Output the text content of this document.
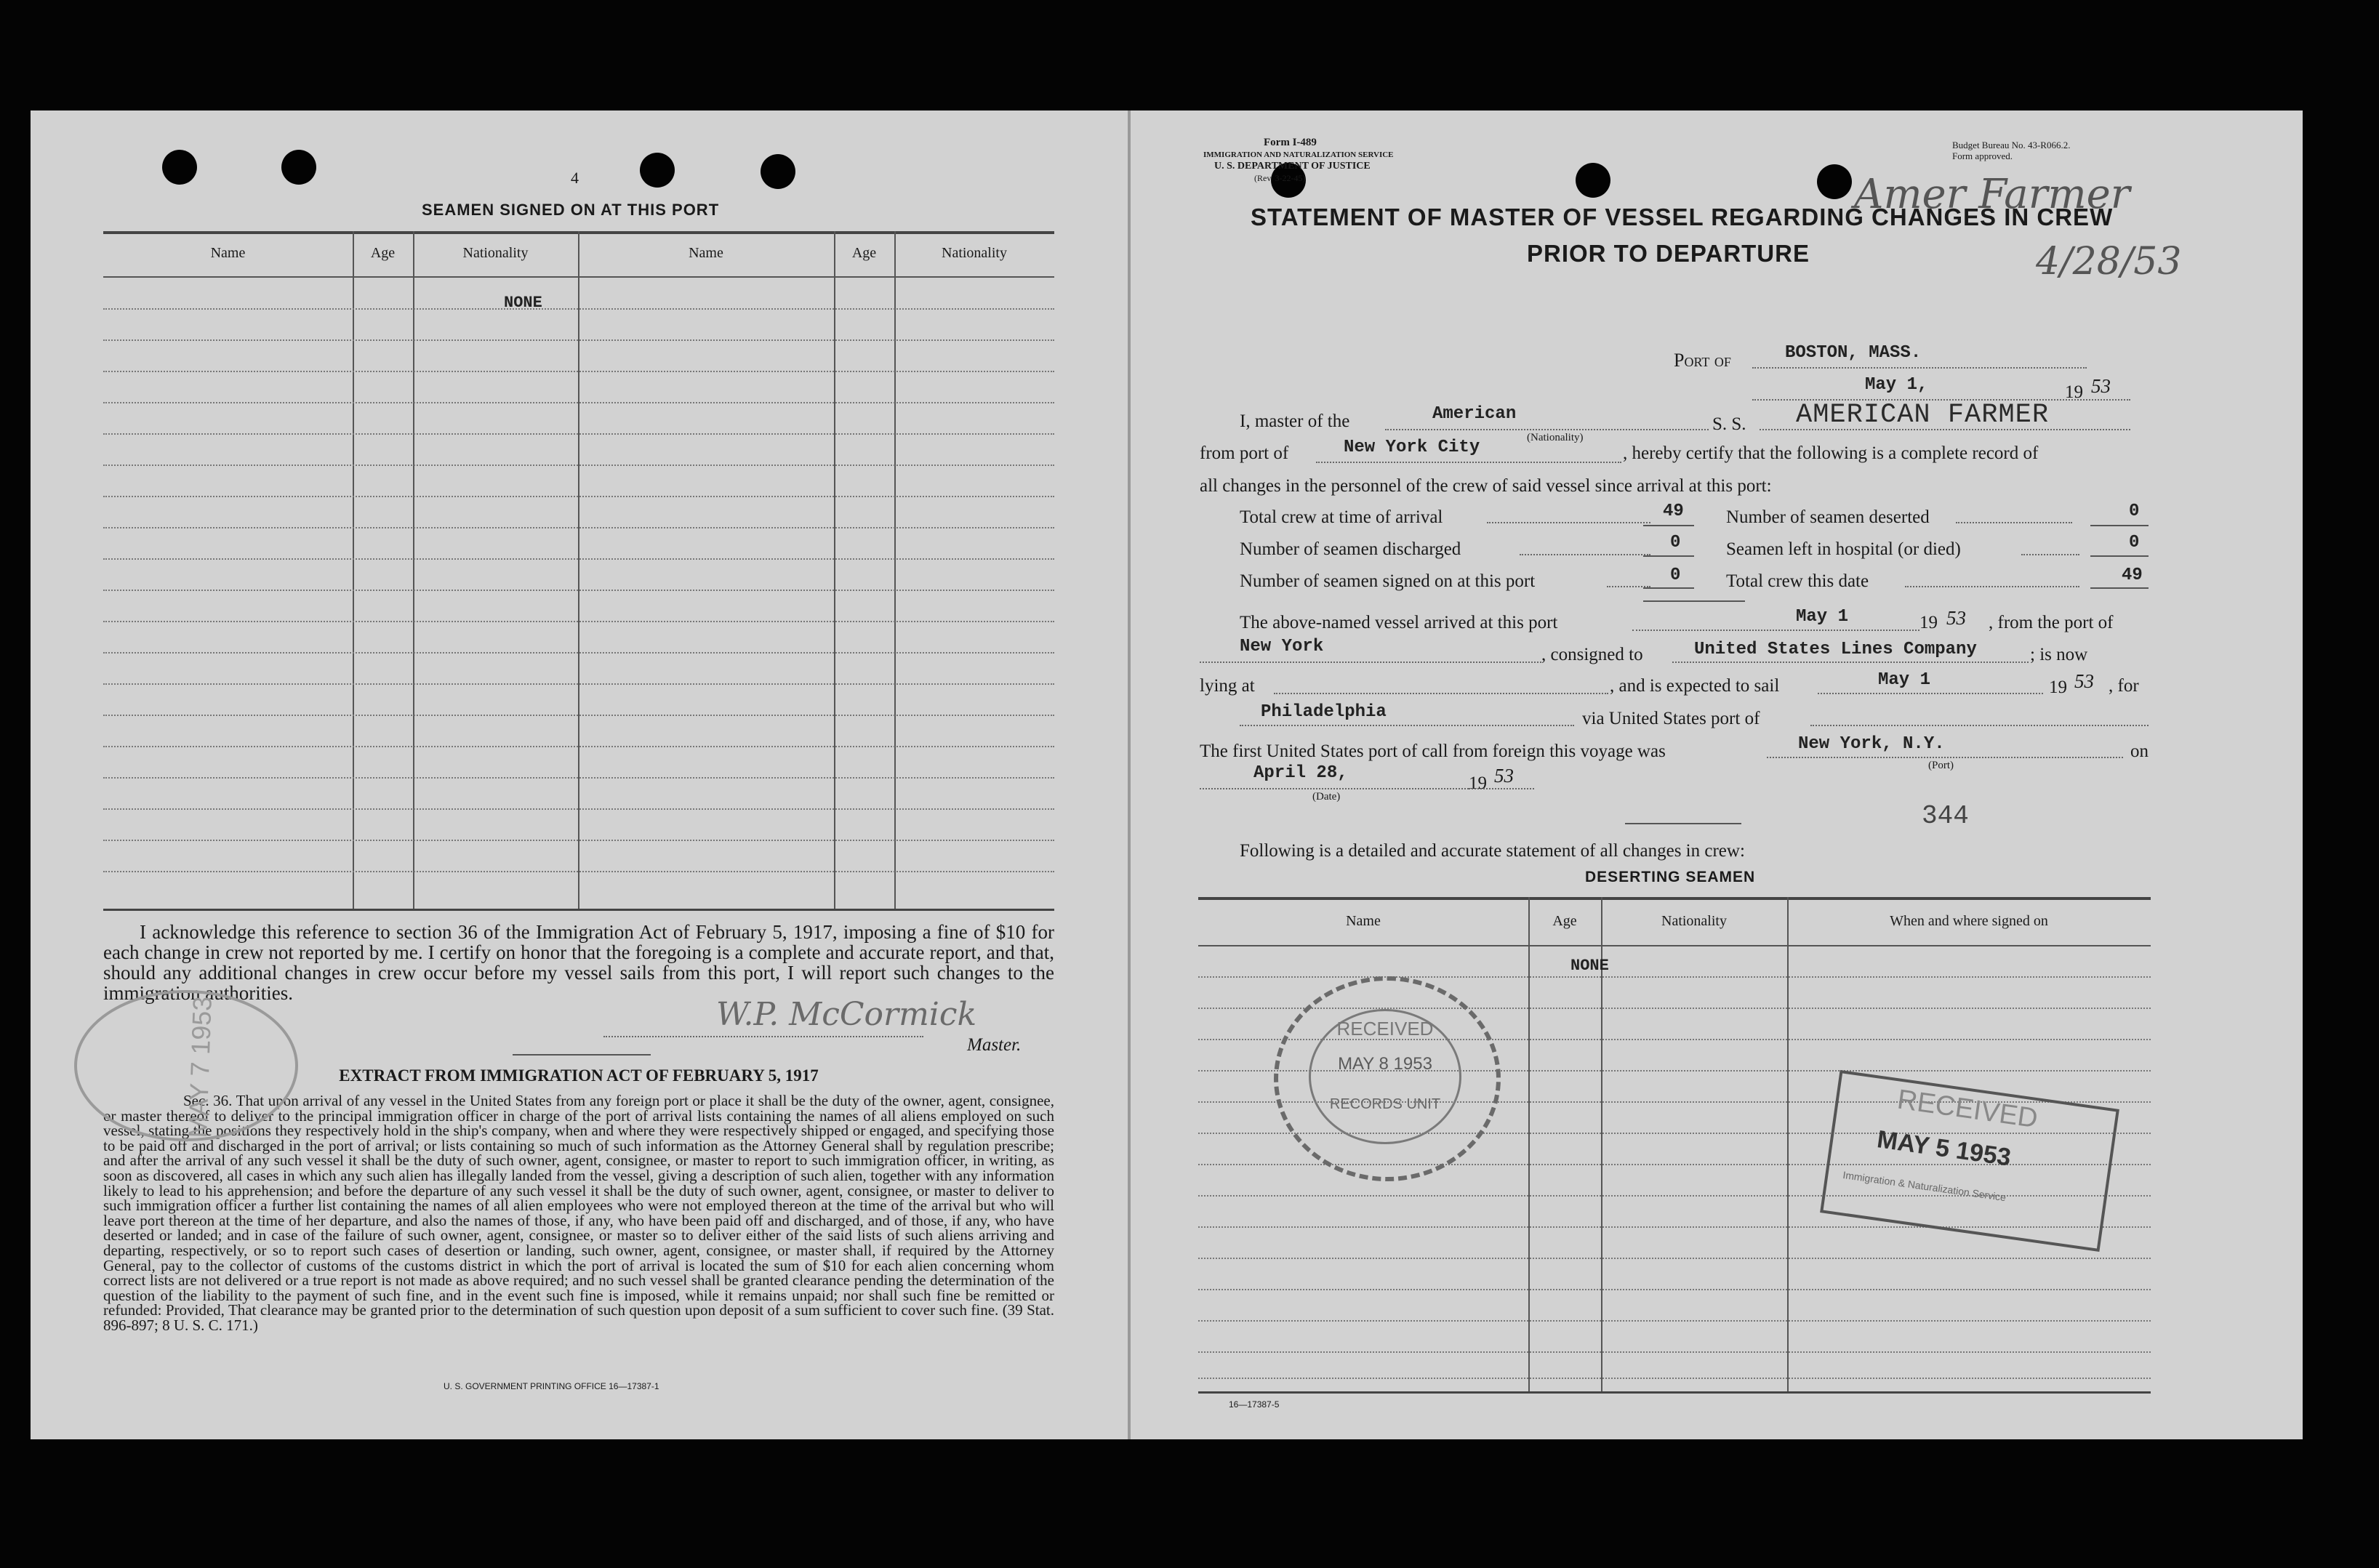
4
SEAMEN SIGNED ON AT THIS PORT
Name	Age	Nationality	Name	Age	Nationality
NONE
I acknowledge this reference to section 36 of the Immigration Act of February 5, 1917, imposing a fine of $10 for each change in crew not reported by me. I certify on honor that the foregoing is a complete and accurate report, and that, should any additional changes in crew occur before my vessel sails from this port, I will report such changes to the immigration authorities.
W.P. McCormick
Master.
EXTRACT FROM IMMIGRATION ACT OF FEBRUARY 5, 1917
Sec. 36. That upon arrival of any vessel in the United States from any foreign port or place it shall be the duty of the owner, agent, consignee, or master thereof to deliver to the principal immigration officer in charge of the port of arrival lists containing the names of all aliens employed on such vessel, stating the positions they respectively hold in the ship's company, when and where they were respectively shipped or engaged, and specifying those to be paid off and discharged in the port of arrival; or lists containing so much of such information as the Attorney General shall by regulation prescribe; and after the arrival of any such vessel it shall be the duty of such owner, agent, consignee, or master to report to such immigration officer, in writing, as soon as discovered, all cases in which any such alien has illegally landed from the vessel, giving a description of such alien, together with any information likely to lead to his apprehension; and before the departure of any such vessel it shall be the duty of such owner, agent, consignee, or master to deliver to such immigration officer a further list containing the names of all alien employees who were not employed thereon at the time of the arrival but who will leave port thereon at the time of her departure, and also the names of those, if any, who have been paid off and discharged, and of those, if any, who have deserted or landed; and in case of the failure of such owner, agent, consignee, or master so to deliver either of the said lists of such aliens arriving and departing, respectively, or so to report such cases of desertion or landing, such owner, agent, consignee, or master shall, if required by the Attorney General, pay to the collector of customs of the customs district in which the port of arrival is located the sum of $10 for each alien concerning whom correct lists are not delivered or a true report is not made as above required; and no such vessel shall be granted clearance pending the determination of the question of the liability to the payment of such fine, and in the event such fine is imposed, while it remains unpaid; nor shall such fine be remitted or refunded: Provided, That clearance may be granted prior to the determination of such question upon deposit of a sum sufficient to cover such fine. (39 Stat. 896-897; 8 U. S. C. 171.)
U. S. GOVERNMENT PRINTING OFFICE 16—17387-1
MAY 7 1953
Form I-489
IMMIGRATION AND NATURALIZATION SERVICE
U. S. DEPARTMENT OF JUSTICE
(Rev. 3-22-45)
Budget Bureau No. 43-R066.2.
Form approved.
Amer Farmer
4/28/53
STATEMENT OF MASTER OF VESSEL REGARDING CHANGES IN CREW
PRIOR TO DEPARTURE
Port of	BOSTON, MASS.
May 1,	19 53
I, master of the	American
(Nationality)
S. S. AMERICAN FARMER
from port of	New York City	, hereby certify that the following is a complete record of
all changes in the personnel of the crew of said vessel since arrival at this port:
Total crew at time of arrival	49
Number of seamen discharged	0
Number of seamen signed on at this port	0
Number of seamen deserted	0
Seamen left in hospital (or died)	0
Total crew this date	49
The above-named vessel arrived at this port	May 1	19 53 , from the port of
New York	, consigned to	United States Lines Company	; is now
lying at	, and is expected to sail	May 1	19 53 , for
Philadelphia	via United States port of
The first United States port of call from foreign this voyage was	New York, N.Y.
(Port)
on
April 28,
(Date)
19 53
344
Following is a detailed and accurate statement of all changes in crew:
DESERTING SEAMEN
Name	Age	Nationality	When and where signed on
NONE
RECEIVED
MAY 8 1953
RECORDS UNIT	RECEIVED
MAY 5 1953
Immigration & Naturalization Service
16—17387-5
